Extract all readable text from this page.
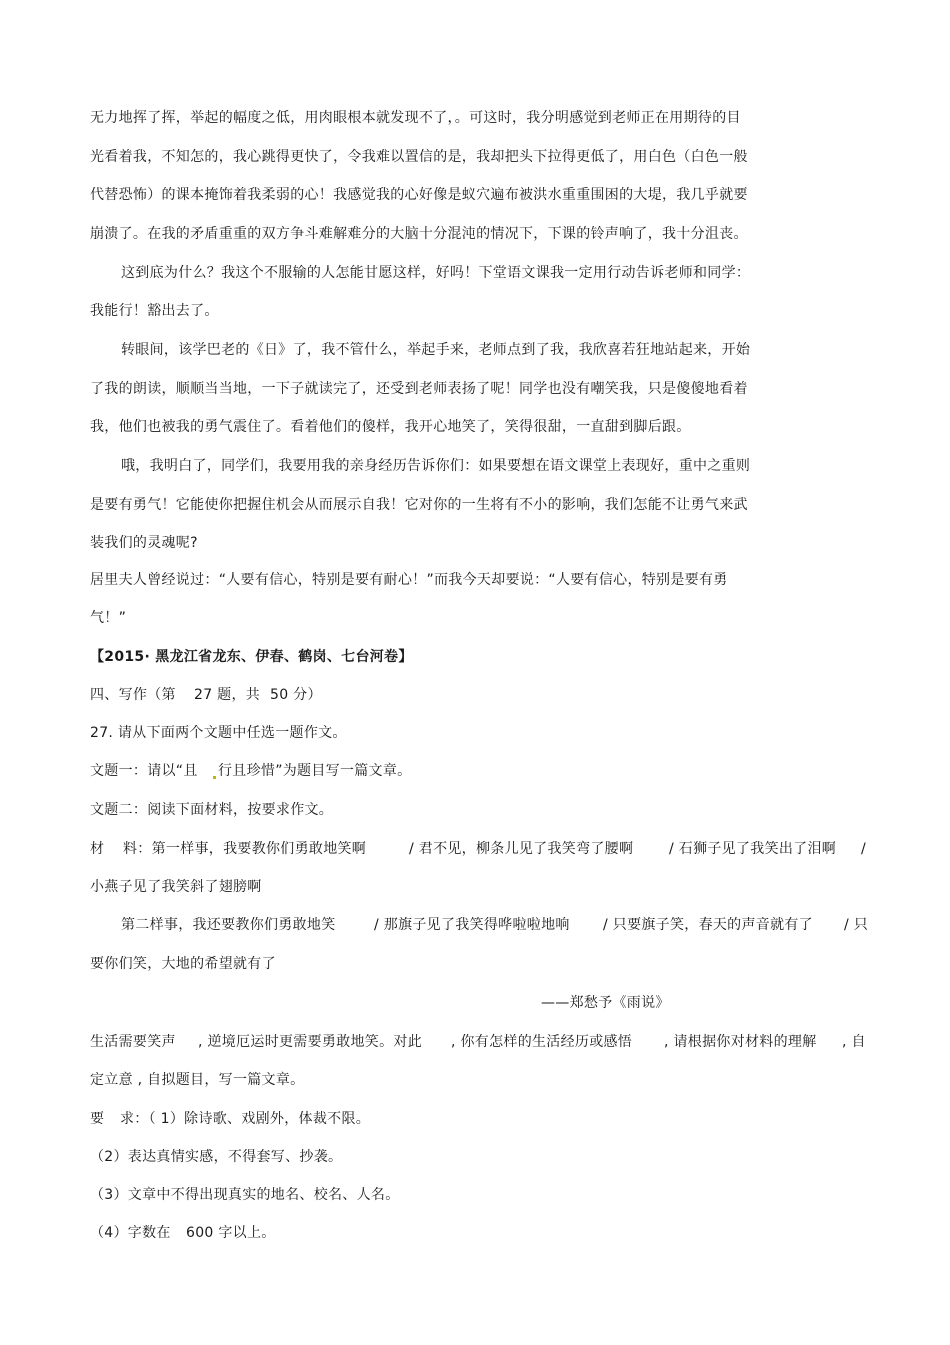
无力地挥了挥，举起的幅度之低，用肉眼根本就发现不了，。可这时，我分明感觉到老师正在用期待的目
光看着我，不知怎的，我心跳得更快了，令我难以置信的是，我却把头下拉得更低了，用白色（白色一般
代替恐怖）的课本掩饰着我柔弱的心！我感觉我的心好像是蚁穴遍布被洪水重重围困的大堤，我几乎就要
崩溃了。在我的矛盾重重的双方争斗难解难分的大脑十分混沌的情况下，下课的铃声响了，我十分沮丧。
这到底为什么？我这个不服输的人怎能甘愿这样，好吗！下堂语文课我一定用行动告诉老师和同学：
我能行！豁出去了。
转眼间，该学巴老的《日》了，我不管什么，举起手来，老师点到了我，我欣喜若狂地站起来，开始
了我的朗读，顺顺当当地，一下子就读完了，还受到老师表扬了呢！同学也没有嘲笑我，只是傻傻地看着
我，他们也被我的勇气震住了。看着他们的傻样，我开心地笑了，笑得很甜，一直甜到脚后跟。
哦，我明白了，同学们，我要用我的亲身经历告诉你们：如果要想在语文课堂上表现好，重中之重则
是要有勇气！它能使你把握住机会从而展示自我！它对你的一生将有不小的影响，我们怎能不让勇气来武
装我们的灵魂呢?
居里夫人曾经说过：“人要有信心，特别是要有耐心！”而我今天却要说：“人要有信心，特别是要有勇
气！”
【2015· 黑龙江省龙东、伊春、鹤岗、七台河卷】
四、写作（第 27 题，共 50 分）
27. 请从下面两个文题中任选一题作文。
文题一：请以“且 行且珍惜”为题目写一篇文章。
文题二：阅读下面材料，按要求作文。
材 料：第一样事，我要教你们勇敢地笑啊	/ 君不见，柳条儿见了我笑弯了腰啊	/ 石狮子见了我笑出了泪啊 /
小燕子见了我笑斜了翅膀啊
第二样事，我还要教你们勇敢地笑	/ 那旗子见了我笑得哗啦啦地响 / 只要旗子笑，春天的声音就有了 / 只
要你们笑，大地的希望就有了
——郑愁予《雨说》
生活需要笑声 , 逆境厄运时更需要勇敢地笑。对此 , 你有怎样的生活经历或感悟 , 请根据你对材料的理解 , 自
定立意 , 自拟题目，写一篇文章。
要 求：（ 1）除诗歌、戏剧外，体裁不限。
（2）表达真情实感，不得套写、抄袭。
（3）文章中不得出现真实的地名、校名、人名。
（4）字数在 600 字以上。
